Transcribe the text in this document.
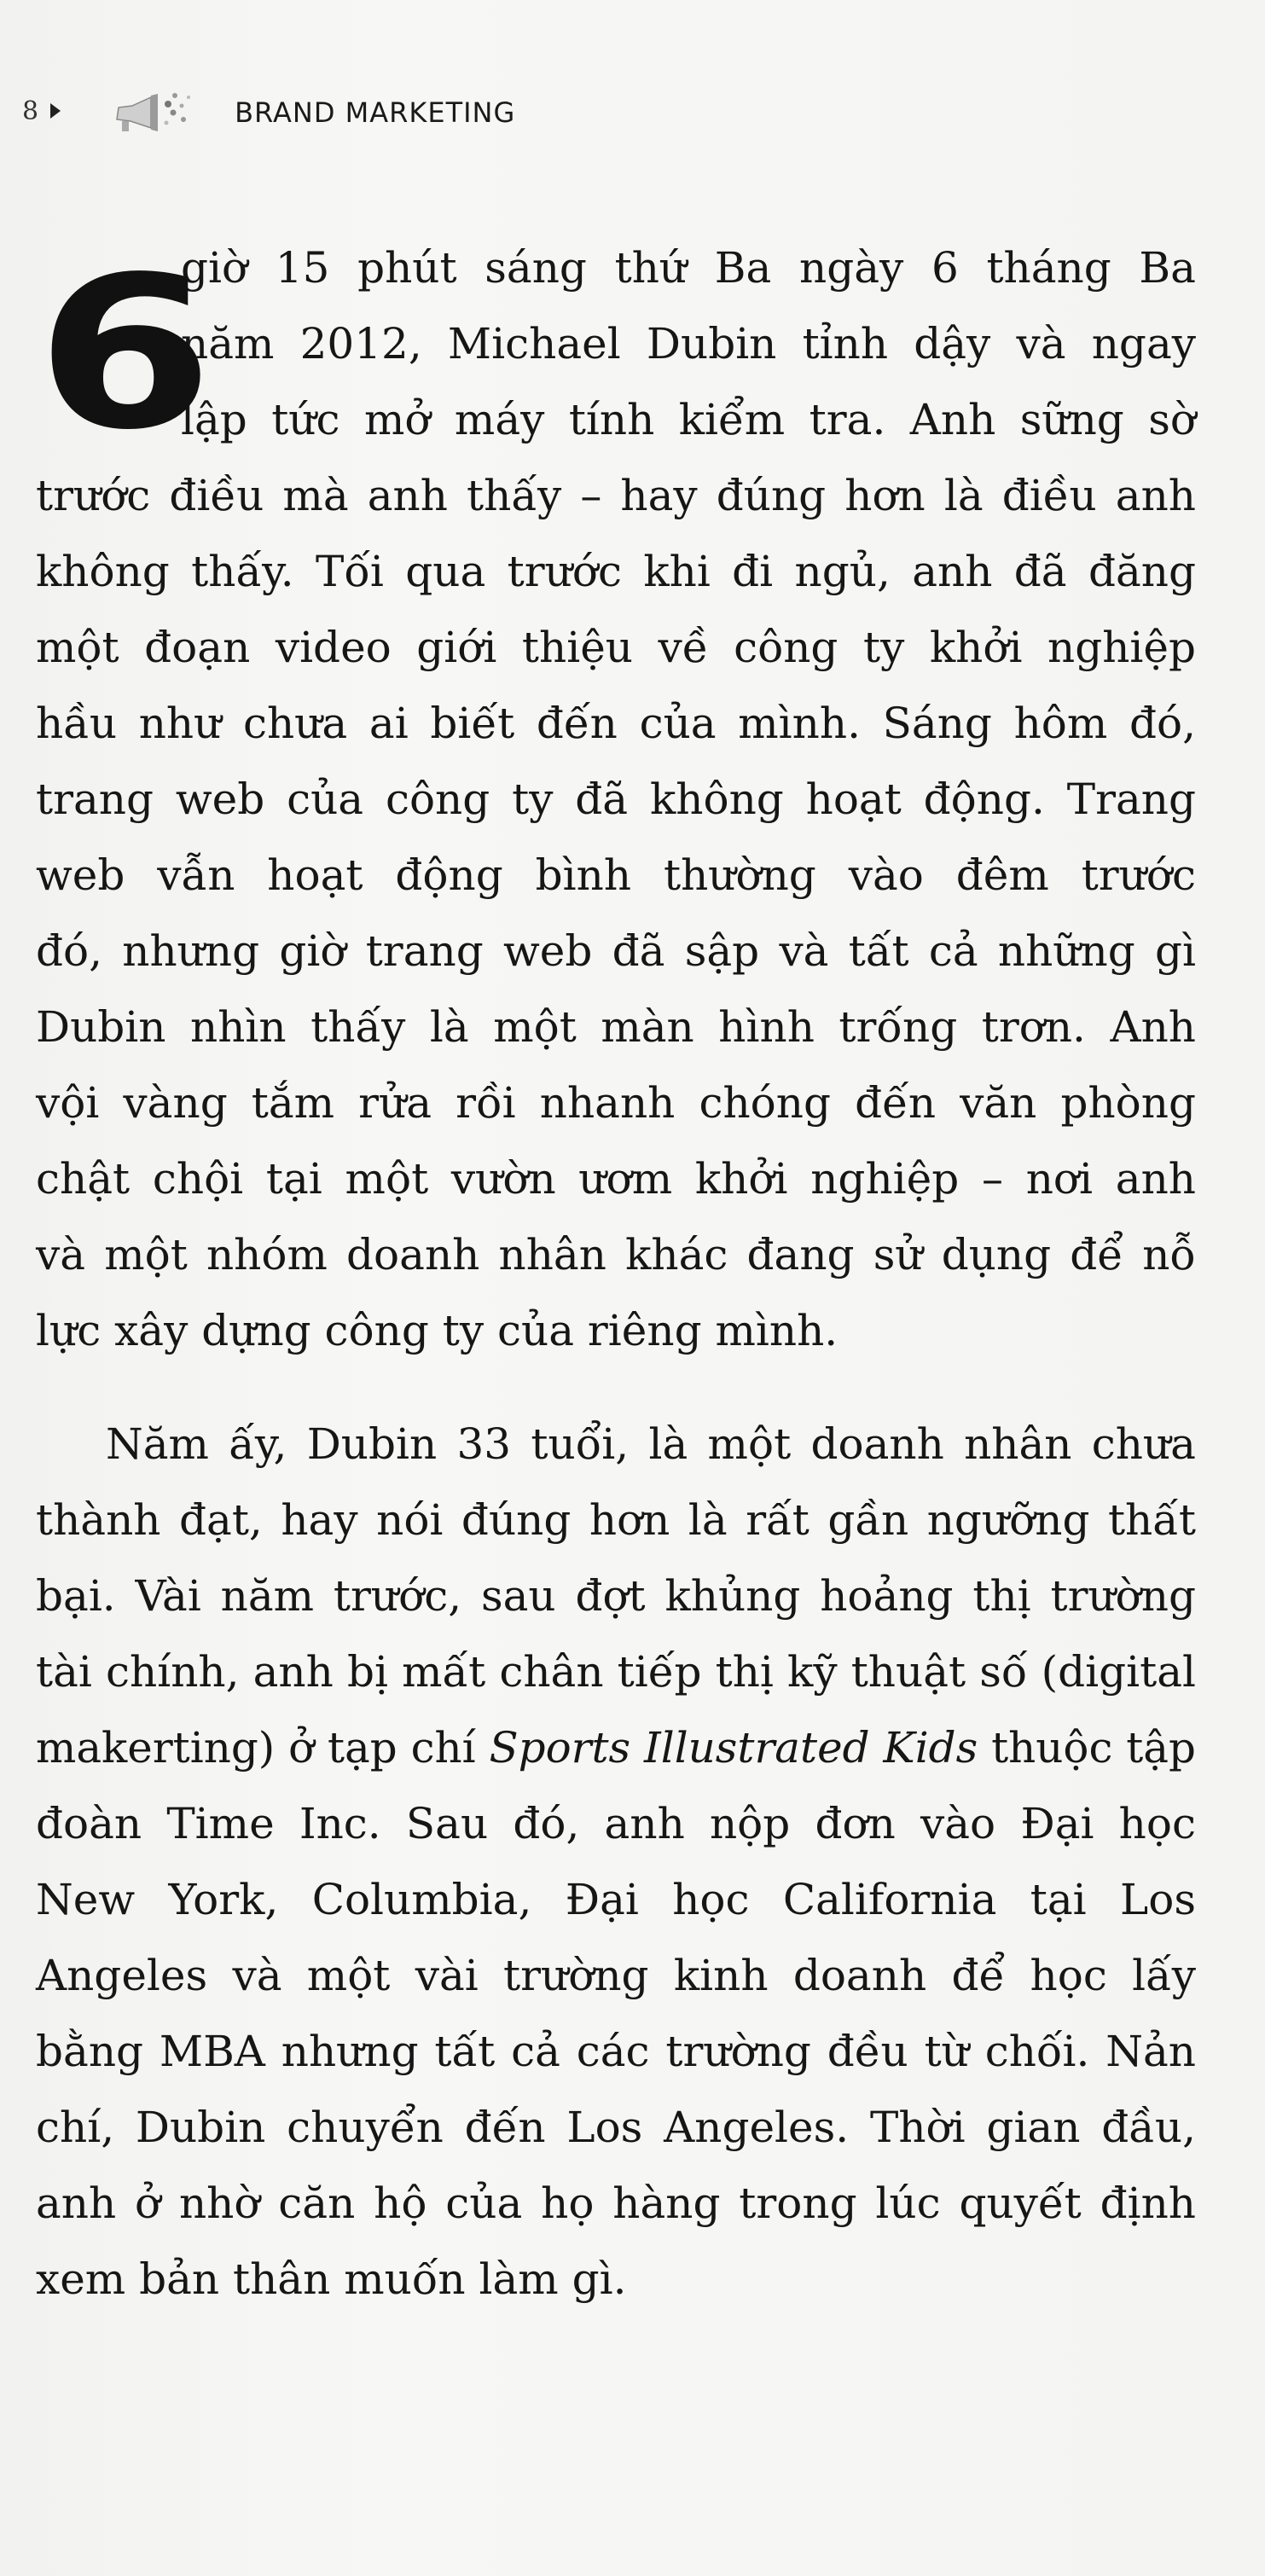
8	BRAND MARKETING
6
giờ 15 phút sáng thứ Ba ngày 6 tháng Ba
năm 2012, Michael Dubin tỉnh dậy và ngay
lập tức mở máy tính kiểm tra. Anh sững sờ
trước điều mà anh thấy – hay đúng hơn là điều anh
không thấy. Tối qua trước khi đi ngủ, anh đã đăng
một đoạn video giới thiệu về công ty khởi nghiệp
hầu như chưa ai biết đến của mình. Sáng hôm đó,
trang web của công ty đã không hoạt động. Trang
web vẫn hoạt động bình thường vào đêm trước
đó, nhưng giờ trang web đã sập và tất cả những gì
Dubin nhìn thấy là một màn hình trống trơn. Anh
vội vàng tắm rửa rồi nhanh chóng đến văn phòng
chật chội tại một vườn ươm khởi nghiệp – nơi anh
và một nhóm doanh nhân khác đang sử dụng để nỗ
lực xây dựng công ty của riêng mình.
Năm ấy, Dubin 33 tuổi, là một doanh nhân chưa
thành đạt, hay nói đúng hơn là rất gần ngưỡng thất
bại. Vài năm trước, sau đợt khủng hoảng thị trường
tài chính, anh bị mất chân tiếp thị kỹ thuật số (digital
makerting) ở tạp chí Sports Illustrated Kids thuộc tập
đoàn Time Inc. Sau đó, anh nộp đơn vào Đại học
New York, Columbia, Đại học California tại Los
Angeles và một vài trường kinh doanh để học lấy
bằng MBA nhưng tất cả các trường đều từ chối. Nản
chí, Dubin chuyển đến Los Angeles. Thời gian đầu,
anh ở nhờ căn hộ của họ hàng trong lúc quyết định
xem bản thân muốn làm gì.
